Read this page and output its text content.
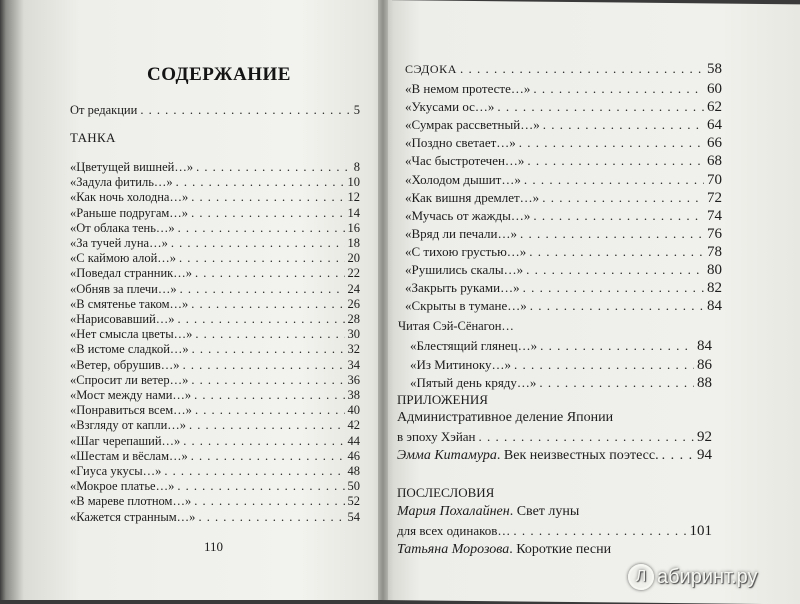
СОДЕРЖАНИЕ
От редакции . . .	5
ТАНКА
«Цветущей вишней…» . . .	8
«Задула фитиль…» . . .	10
«Как ночь холодна…» . . .	12
«Раньше подругам…» . . .	14
«От облака тень…» . . .	16
«За тучей луна…» . . .	18
«С каймою алой…» . . .	20
«Поведал странник…» . . .	22
«Обняв за плечи…» . . .	24
«В смятенье таком…» . . .	26
«Нарисовавший…» . . .	28
«Нет смысла цветы…» . . .	30
«В истоме сладкой…» . . .	32
«Ветер, обрушив…» . . .	34
«Спросит ли ветер…» . . .	36
«Мост между нами…» . . .	38
«Понравиться всем…» . . .	40
«Взгляду от капли…» . . .	42
«Шаг черепаший…» . . .	44
«Шестам и вёслам…» . . .	46
«Гиуса укусы…» . . .	48
«Мокрое платье…» . . .	50
«В мареве плотном…» . . .	52
«Кажется странным…» . . .	54
110
СЭДОКА . . .	58
«В немом протесте…» . . .	60
«Укусами ос…» . . .	62
«Сумрак рассветный…» . . .	64
«Поздно светает…» . . .	66
«Час быстротечен…» . . .	68
«Холодом дышит…» . . .	70
«Как вишня дремлет…» . . .	72
«Мучась от жажды…» . . .	74
«Вряд ли печали…» . . .	76
«С тихою грустью…» . . .	78
«Рушились скалы…» . . .	80
«Закрыть руками…» . . .	82
«Скрыты в тумане…» . . .	84
Читая Сэй-Сёнагон…
«Блестящий глянец…» . . .	84
«Из Митиноку…» . . .	86
«Пятый день кряду…» . . .	88
ПРИЛОЖЕНИЯ
Административное деление Японии
в эпоху Хэйан . . .	92
Эмма Китамура. Век неизвестных поэтесс. . . .	94
ПОСЛЕСЛОВИЯ
Мария Похалайнен. Свет луны
для всех одинаков… . . .	101
Татьяна Морозова. Короткие песни
Л абиринт.ру
